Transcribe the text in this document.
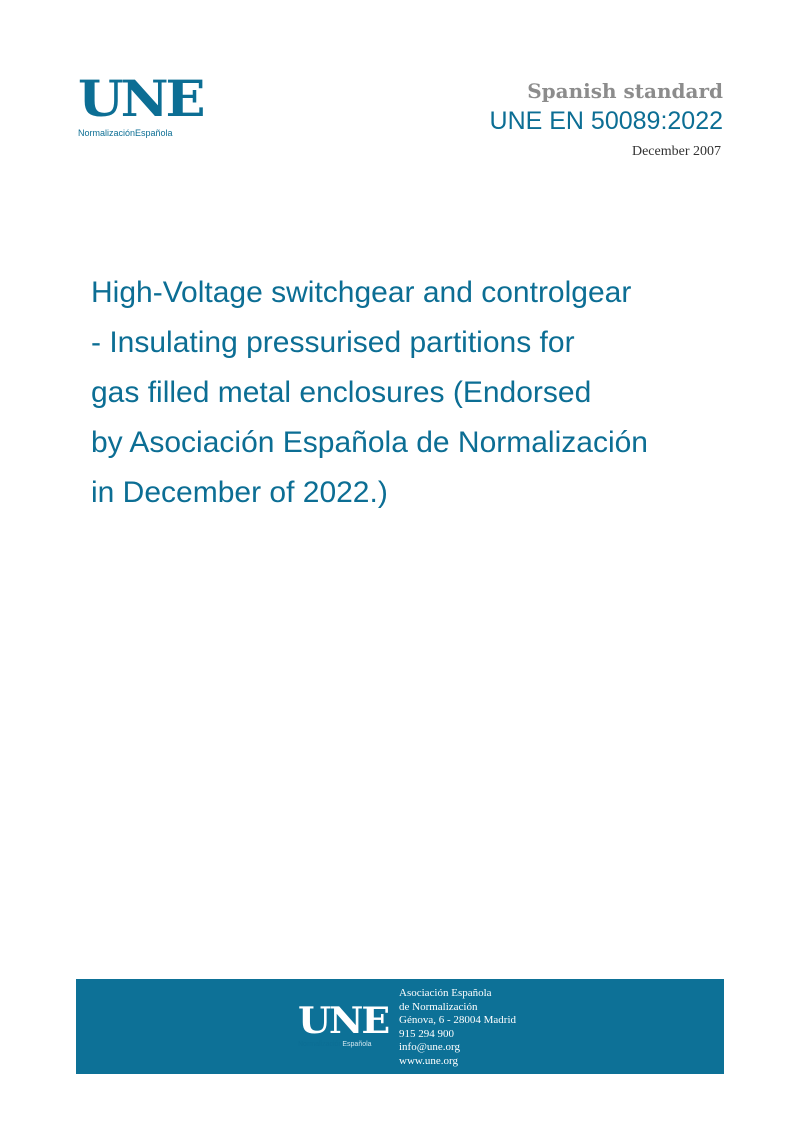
UNE
NormalizaciónEspañola
Spanish standard
UNE EN 50089:2022
December 2007
High-Voltage switchgear and controlgear
- Insulating pressurised partitions for
gas filled metal enclosures (Endorsed
by Asociación Española de Normalización
in December of 2022.)
UNE
NormalizaciónEspañola
Asociación Española
de Normalización
Génova, 6 - 28004 Madrid
915 294 900
info@une.org
www.une.org
